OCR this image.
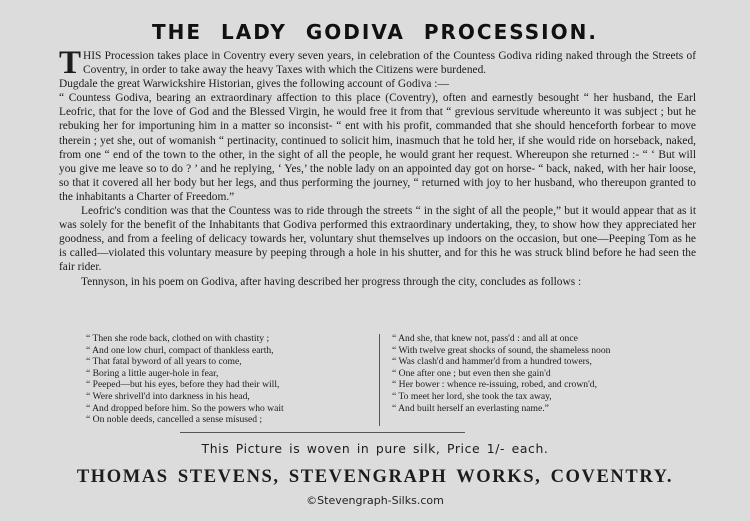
THE LADY GODIVA PROCESSION.

THIS Procession takes place in Coventry every seven years, in celebration of the Countess Godiva riding naked through the Streets of Coventry, in order to take away the heavy Taxes with which the Citizens were burdened.

Dugdale the great Warwickshire Historian, gives the following account of Godiva :—

“ Countess Godiva, bearing an extraordinary affection to this place (Coventry), often and earnestly besought “ her husband, the Earl Leofric, that for the love of God and the Blessed Virgin, he would free it from that “ grevious servitude whereunto it was subject ; but he rebuking her for importuning him in a matter so inconsist- “ ent with his profit, commanded that she should henceforth forbear to move therein ; yet she, out of womanish “ pertinacity, continued to solicit him, inasmuch that he told her, if she would ride on horseback, naked, from one “ end of the town to the other, in the sight of all the people, he would grant her request. Whereupon she returned :- “ ‘ But will you give me leave so to do ? ’ and he replying, ‘ Yes,’ the noble lady on an appointed day got on horse- “ back, naked, with her hair loose, so that it covered all her body but her legs, and thus performing the journey, “ returned with joy to her husband, who thereupon granted to the inhabitants a Charter of Freedom.”

Leofric's condition was that the Countess was to ride through the streets “ in the sight of all the people,” but it would appear that as it was solely for the benefit of the Inhabitants that Godiva performed this extraordinary undertaking, they, to show how they appreciated her goodness, and from a feeling of delicacy towards her, voluntary shut themselves up indoors on the occasion, but one—Peeping Tom as he is called—violated this voluntary measure by peeping through a hole in his shutter, and for this he was struck blind before he had seen the fair rider.

Tennyson, in his poem on Godiva, after having described her progress through the city, concludes as follows :

“ Then she rode back, clothed on with chastity ;
“ And one low churl, compact of thankless earth,
“ That fatal byword of all years to come,
“ Boring a little auger-hole in fear,
“ Peeped—but his eyes, before they had their will,
“ Were shrivell'd into darkness in his head,
“ And dropped before him. So the powers who wait
“ On noble deeds, cancelled a sense misused ;
“ And she, that knew not, pass'd : and all at once
“ With twelve great shocks of sound, the shameless noon
“ Was clash'd and hammer'd from a hundred towers,
“ One after one ; but even then she gain'd
“ Her bower : whence re-issuing, robed, and crown'd,
“ To meet her lord, she took the tax away,
“ And built herself an everlasting name.”
This Picture is woven in pure silk, Price 1/- each.
THOMAS STEVENS, STEVENGRAPH WORKS, COVENTRY.
©Stevengraph-Silks.com
